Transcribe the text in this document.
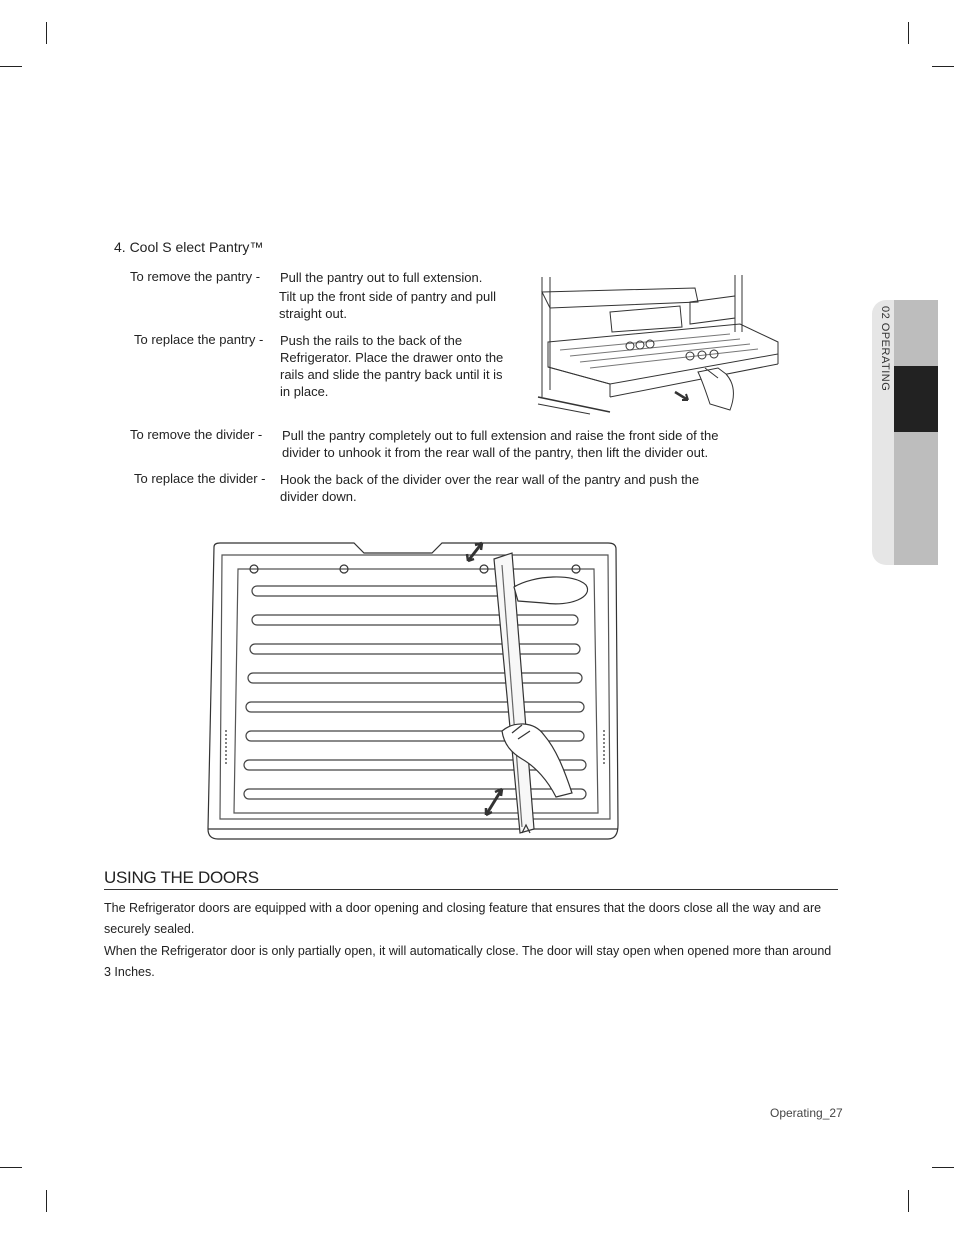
02 OPERATING
4. Cool S elect Pantry™
To remove the pantry - Pull the pantry out to full extension.
Tilt up the front side of pantry and pull straight out.
To replace the pantry - Push the rails to the back of the Refrigerator. Place the drawer onto the rails and slide the pantry back until it is in place.
To remove the divider - Pull the pantry completely out to full extension and raise the front side of the divider to unhook it from the rear wall of the pantry, then lift the divider out.
To replace the divider - Hook the back of the divider over the rear wall of the pantry and push the divider down.
USING THE DOORS
The Refrigerator doors are equipped with a door opening and closing feature that ensures that the doors close all the way and are securely sealed.
When the Refrigerator door is only partially open, it will automatically close. The door will stay open when opened more than around 3 Inches.
Operating_27
